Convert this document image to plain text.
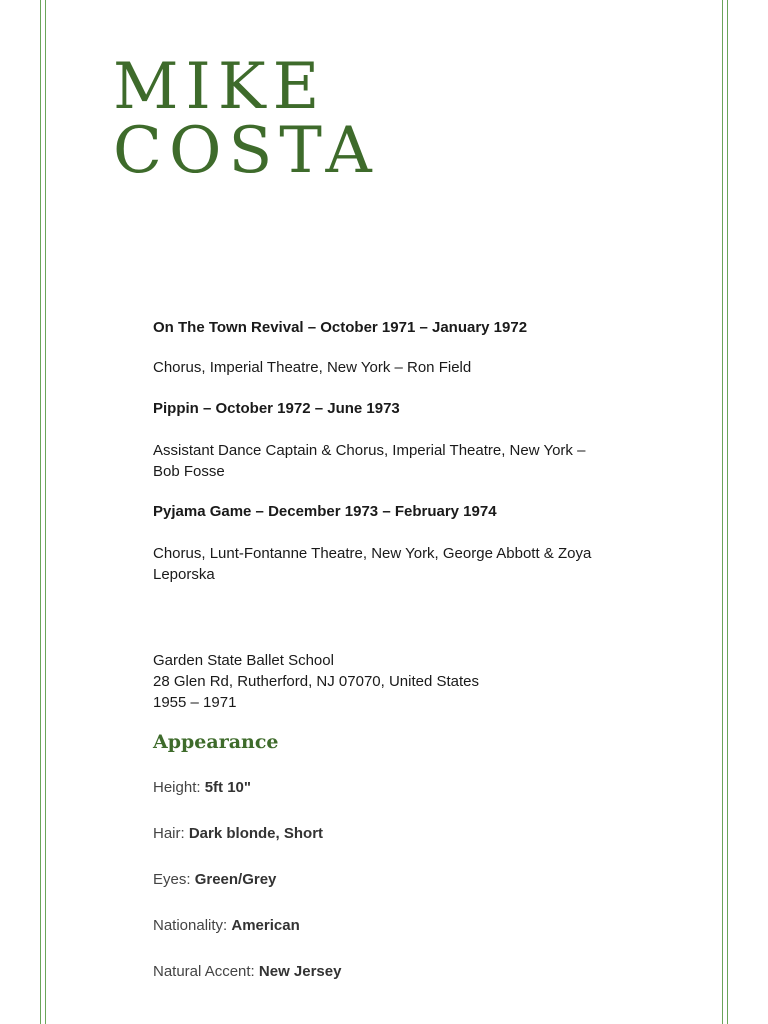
MIKE
COSTA
On The Town Revival – October 1971 – January 1972
Chorus, Imperial Theatre, New York – Ron Field
Pippin – October 1972 – June 1973
Assistant Dance Captain & Chorus, Imperial Theatre, New York –
Bob Fosse
Pyjama Game – December 1973 – February 1974
Chorus, Lunt-Fontanne Theatre, New York, George Abbott & Zoya
Leporska
Garden State Ballet School
28 Glen Rd, Rutherford, NJ 07070, United States
1955 – 1971
Appearance
Height: 5ft 10"
Hair: Dark blonde, Short
Eyes: Green/Grey
Nationality: American
Natural Accent: New Jersey
